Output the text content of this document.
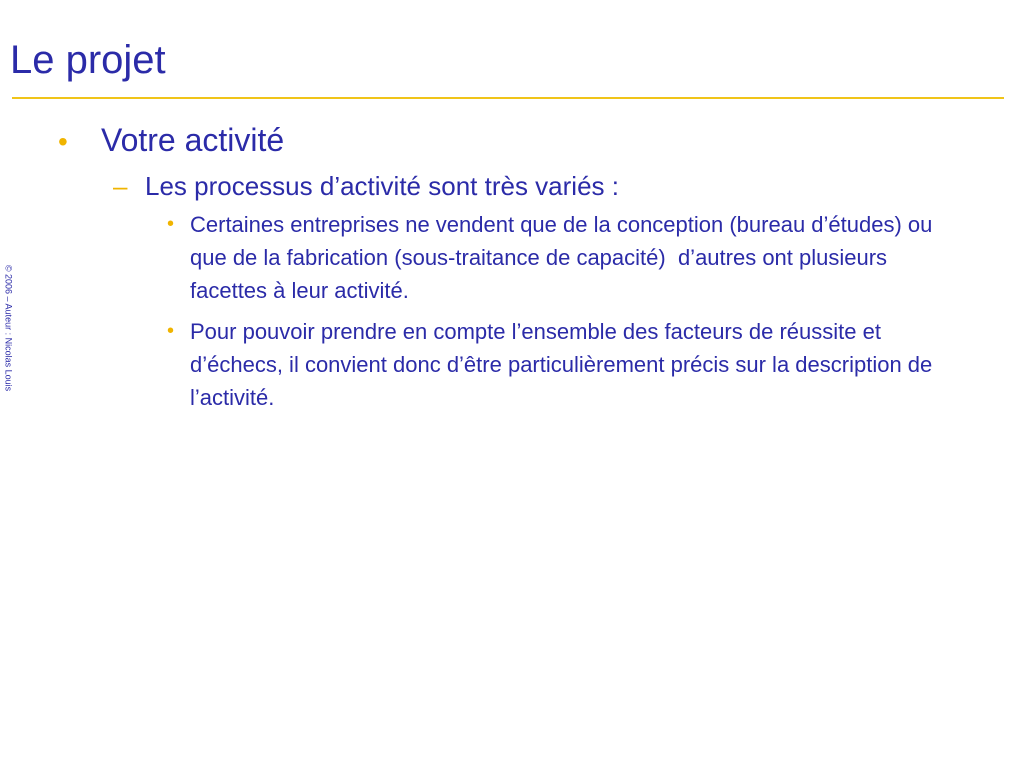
Le projet
© 2006 – Auteur : Nicolas Louis
• Votre activité
– Les processus d’activité sont très variés :
• Certaines entreprises ne vendent que de la conception (bureau d’études) ou que de la fabrication (sous-traitance de capacité)  d’autres ont plusieurs facettes à leur activité.
• Pour pouvoir prendre en compte l’ensemble des facteurs de réussite et d’échecs, il convient donc d’être particulièrement précis sur la description de l’activité.
